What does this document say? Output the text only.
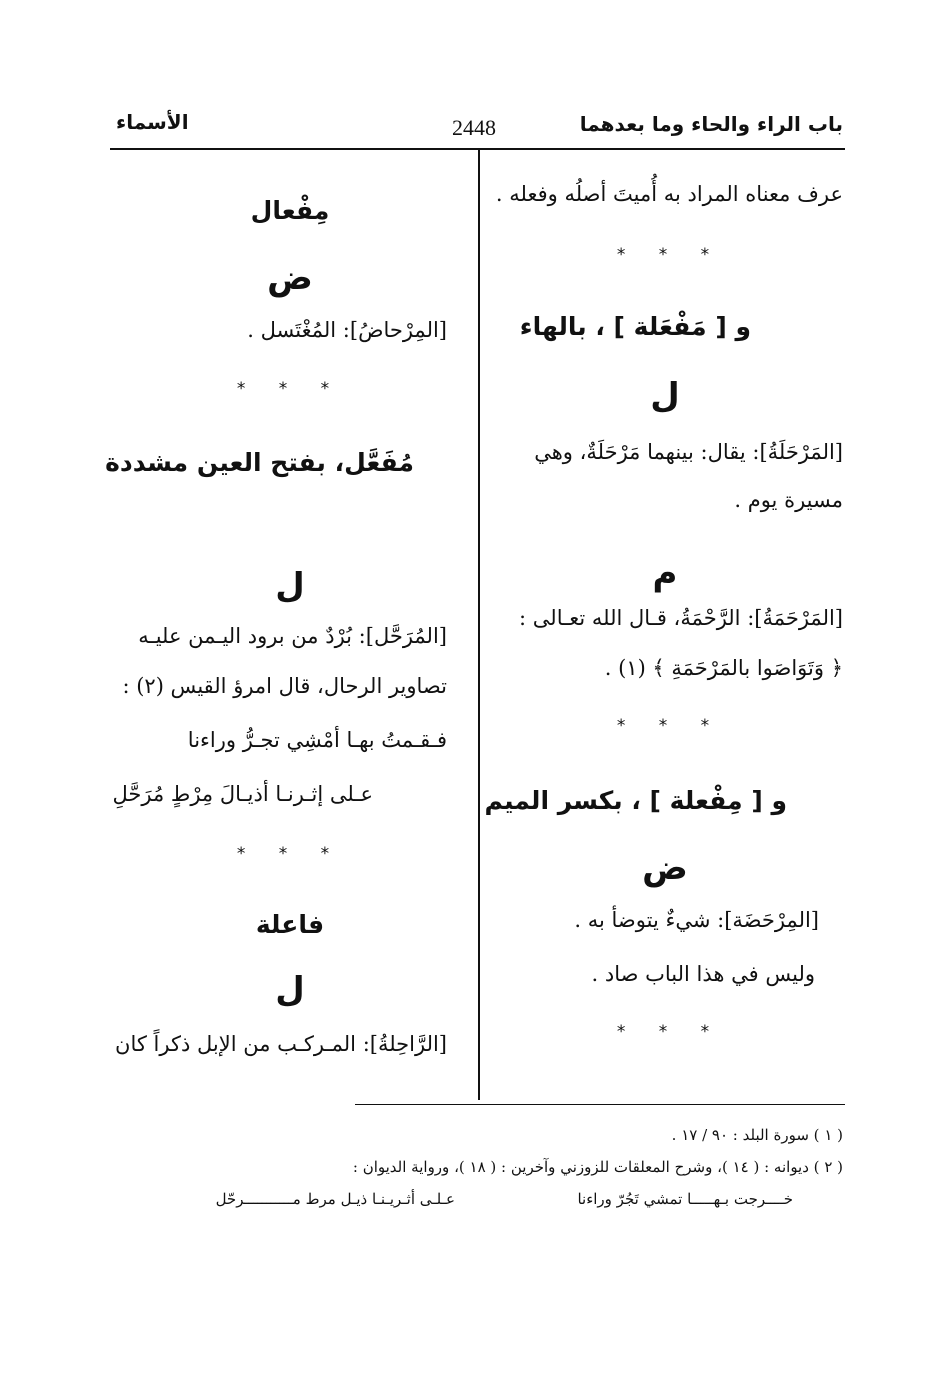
باب الراء والحاء وما بعدهما
2448
الأسماء
عرف معناه المراد به أُميتَ أصلُه وفعله .
* * *
و [ مَفْعَلة ] ، بالهاء
ل
[المَرْحَلَةُ]: يقال: بينهما مَرْحَلَةٌ، وهي
مسيرة يوم .
م
[المَرْحَمَةُ]: الرَّحْمَةُ، قـال الله تعـالى :
﴿ وَتَوَاصَوا بالمَرْحَمَةِ ﴾ (١) .
* * *
و [ مِفْعلة ] ، بكسر الميم
ض
[المِرْحَضَة]: شيءٌ يتوضأ به .
وليس في هذا الباب صاد .
* * *
مِفْعال
ض
[المِرْحاضُ]: المُغْتَسل .
* * *
مُفَعَّل، بفتح العين مشددة
ل
[المُرَحَّل]: بُرْدٌ من برود اليـمن عليـه
تصاوير الرحال، قال امرؤ القيس (٢) :
فـقـمتُ بهـا أمْشِي تجـرُّ وراءنا
عـلى إثـرنـا أذيـالَ مِرْطٍ مُرَحَّلِ
* * *
فاعلة
ل
[الرَّاحِلةُ]: المـركـب من الإبل ذكراً كان
( ١ ) سورة البلد : ٩٠ / ١٧ .
( ٢ ) ديوانه : ( ١٤ )، وشرح المعلقات للزوزني وآخرين : ( ١٨ )، ورواية الديوان :
خــــرجت بـهـــــا تمشي تَجُرّ وراءنا
عـلـى أثـريـنـا ذيـل مرط مـــــــــــرحّل
